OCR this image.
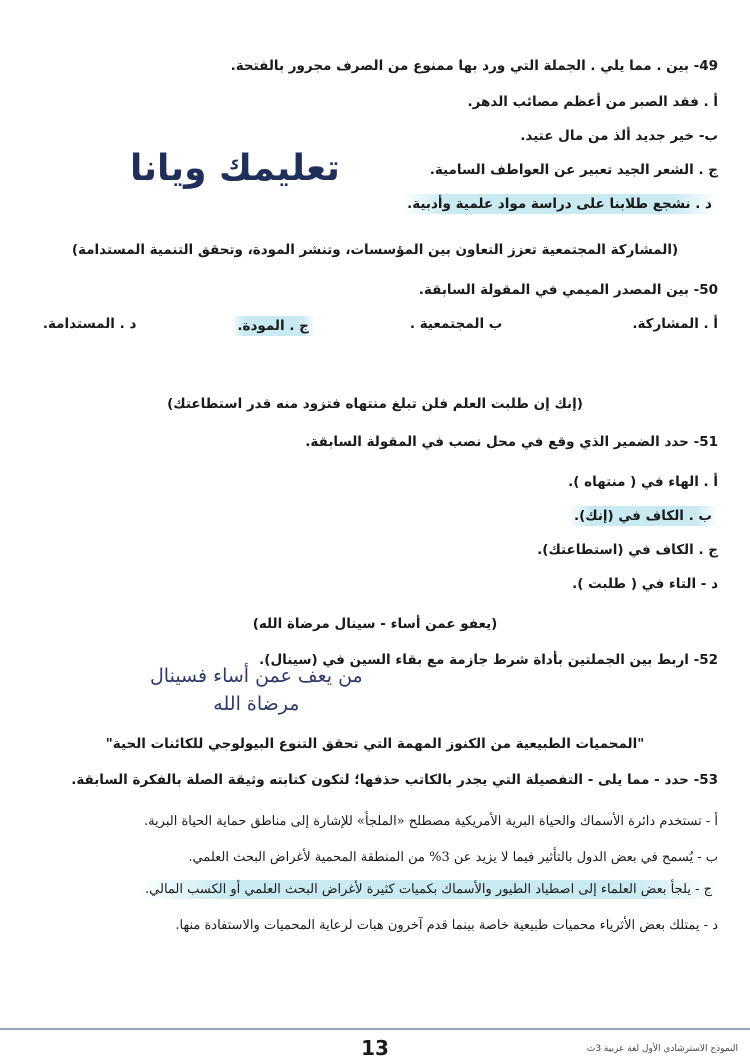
تعليمك ويانا
49- بين . مما يلي . الجملة التي ورد بها ممنوع من الصرف مجرور بالفتحة.
أ . فقد الصبر من أعظم مصائب الدهر.
ب- خير جديد ألذ من مال عتيد.
ج . الشعر الجيد تعبير عن العواطف السامية.
د . نشجع طلابنا على دراسة مواد علمية وأدبية.
(المشاركة المجتمعية تعزز التعاون بين المؤسسات، وتنشر المودة، وتحقق التنمية المستدامة)
50- بين المصدر الميمي في المقولة السابقة.
أ . المشاركة.
ب المجتمعية .
ج . المودة.
د . المستدامة.
(إنك إن طلبت العلم فلن تبلغ منتهاه فتزود منه قدر استطاعتك)
51- حدد الضمير الذي وقع في محل نصب في المقولة السابقة.
أ . الهاء في ( منتهاه ).
ب . الكاف في (إنك).
ج . الكاف في (استطاعتك).
د - التاء في ( طلبت ).
(يعفو عمن أساء - سينال مرضاة الله)
52- اربط بين الجملتين بأداة شرط جازمة مع بقاء السين في (سينال).
من يعف عمن أساء فسينال
مرضاة الله
"المحميات الطبيعية من الكنوز المهمة التي تحقق التنوع البيولوجي للكائنات الحية"
53- حدد - مما يلى - التفصيلة التي يجدر بالكاتب حذفها؛ لتكون كتابته وثيقة الصلة بالفكرة السابقة.
أ - تستخدم دائرة الأسماك والحياة البرية الأمريكية مصطلح «الملجأ» للإشارة إلى مناطق حماية الحياة البرية.
ب - يُسمح في بعض الدول بالتأثير فيما لا يزيد عن 3% من المنطقة المحمية لأغراض البحث العلمي.
ج - يلجأ بعض العلماء إلى اصطياد الطيور والأسماك بكميات كثيرة لأغراض البحث العلمي أو الكسب المالي.
د - يمتلك بعض الأثرياء محميات طبيعية خاصة بينما قدم آخرون هبات لرعاية المحميات والاستفادة منها.
13	النموذج الاسترشادي الأول لغة عربية 3ث
